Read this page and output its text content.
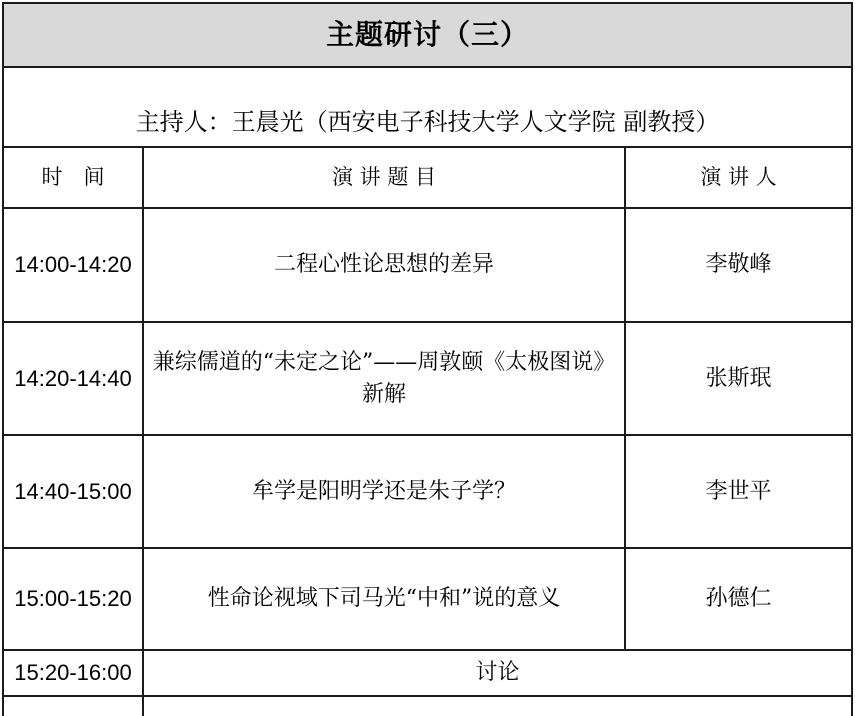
主题研讨（三）		
主持人：王晨光（西安电子科技大学人文学院 副教授）		
时　间	演 讲 题 目	演 讲 人
14:00-14:20	二程心性论思想的差异	李敬峰
14:20-14:40	兼综儒道的“未定之论”——周敦颐《太极图说》新解	张斯珉
14:40-15:00	牟学是阳明学还是朱子学？	李世平
15:00-15:20	性命论视域下司马光“中和”说的意义	孙德仁
15:20-16:00	讨论	
